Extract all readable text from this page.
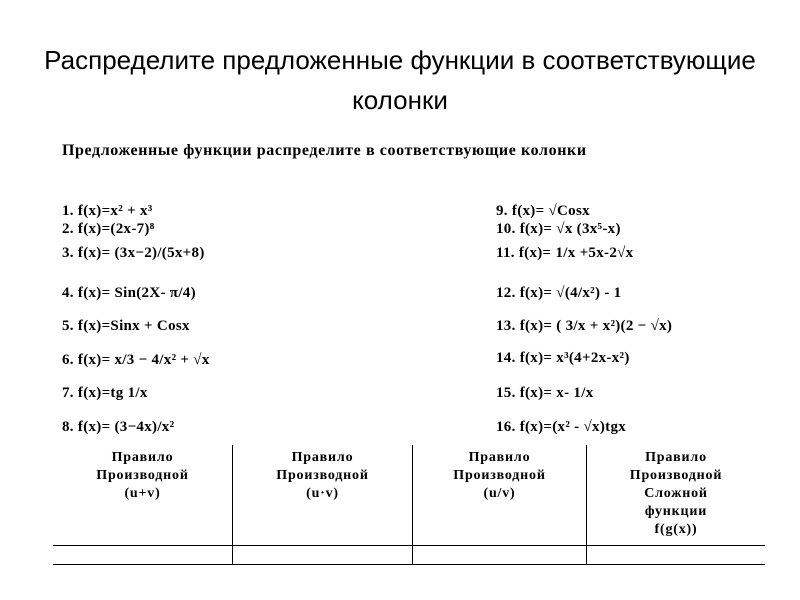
Распределите предложенные функции в соответствующие колонки
Предложенные функции распределите в соответствующие колонки
1. f(x)=x² + x³
2. f(x)=(2x-7)⁸
3. f(x)= (3x−2)/(5x+8)
4. f(x)= Sin(2X- π/4)
5. f(x)=Sinx + Cosx
6. f(x)= x/3 − 4/x² + √x
7. f(x)=tg 1/x
8. f(x)= (3−4x)/x²
9. f(x)= √Cosx
10. f(x)= √x (3x⁵-x)
11. f(x)= 1/x +5x-2√x
12. f(x)= √(4/x²) - 1
13. f(x)= ( 3/x + x²)(2 − √x)
14. f(x)= x³(4+2x-x²)
15. f(x)= x- 1/x
16. f(x)=(x² - √x)tgx
Правило
Производной
(u+v)
Правило
Производной
(u·v)
Правило
Производной
(u/v)
Правило
Производной
Сложной
функции
f(g(x))
